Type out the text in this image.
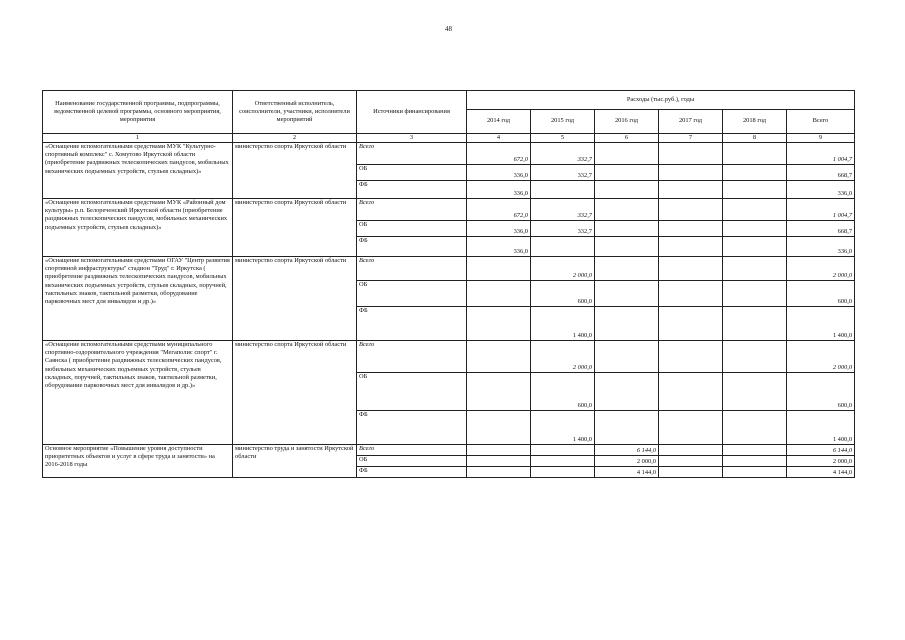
48
Наименование государственной программы, подпрограммы, ведомственной целевой программы, основного мероприятия, мероприятия	Ответственный исполнитель, соисполнители, участники, исполнители мероприятий	Источники финансирования	Расходы (тыс.руб.), годы					
			2014 год	2015 год	2016 год	2017 год	2018 год	Всего
1	2	3	4	5	6	7	8	9
«Оснащение вспомогательными средствами МУК "Культурно-спортивный комплекс" с. Хомутово Иркутской области (приобретение раздвижных телескопических пандусов, мобильных механических подъемных устройств, стульев складных)»	министерство спорта Иркутской области	Всего	672,0	332,7				1 004,7
		ОБ	336,0	332,7				668,7
		ФБ	336,0					336,0
«Оснащение вспомогательными средствами МУК «Районный дом культуры» р.п. Белореченский Иркутской области (приобретение раздвижных телескопических пандусов, мобильных механических подъемных устройств, стульев складных)»	министерство спорта Иркутской области	Всего	672,0	332,7				1 004,7
		ОБ	336,0	332,7				668,7
		ФБ	336,0					336,0
«Оснащение вспомогательными средствами ОГАУ "Центр развития спортивной инфраструктуры" стадион "Труд" г. Иркутска ( приобретение раздвижных телескопических пандусов, мобильных механических подъемных устройств, стульев складных, поручней, тактильных знаков, тактильной разметки, оборудование парковочных мест для инвалидов и др.)»	министерство спорта Иркутской области	Всего		2 000,0				2 000,0
		ОБ		600,0				600,0
		ФБ		1 400,0				1 400,0
«Оснащение вспомогательными средствами муниципального спортивно-оздоровительного учреждения "Мегаполис спорт" г. Саянска ( приобретение раздвижных телескопических пандусов, мобильных механических подъемных устройств, стульев складных, поручней, тактильных знаков, тактильной разметки, оборудование парковочных мест для инвалидов и др.)»	министерство спорта Иркутской области	Всего		2 000,0				2 000,0
		ОБ		600,0				600,0
		ФБ		1 400,0				1 400,0
Основное мероприятие «Повышение уровня доступности приоритетных объектов и услуг в сфере труда и занятости» на 2016-2018 годы	министерство труда и занятости Иркутской области	Всего			6 144,0			6 144,0
		ОБ			2 000,0			2 000,0
		ФБ			4 144,0			4 144,0
